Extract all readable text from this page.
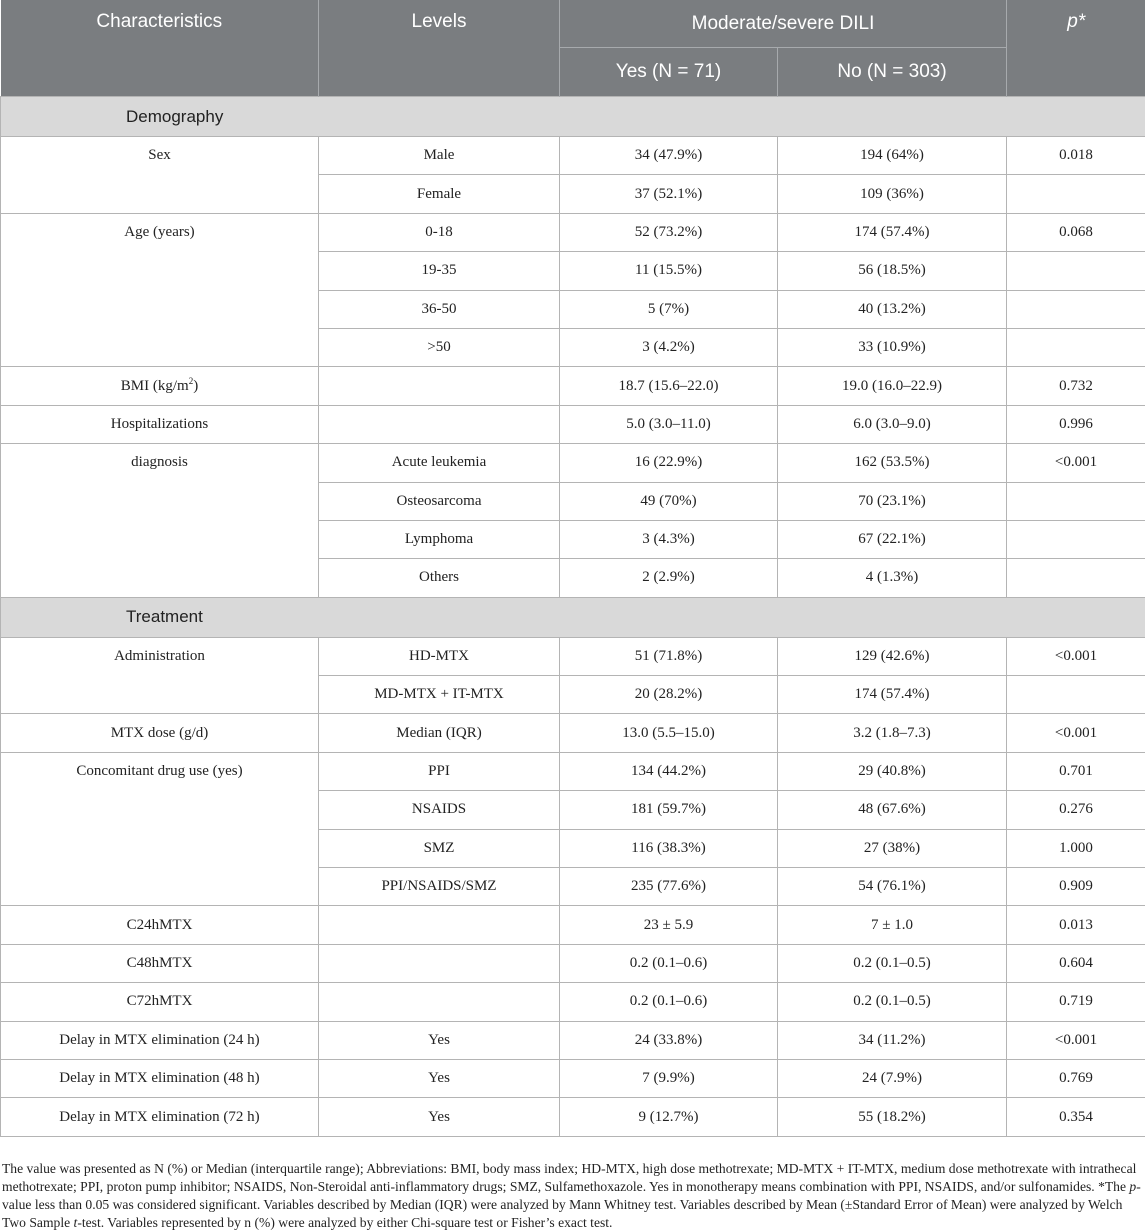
Characteristics	Levels	Moderate/severe DILI		p*
		Yes (N = 71)	No (N = 303)	
Demography				
Sex	Male	34 (47.9%)	194 (64%)	0.018
	Female	37 (52.1%)	109 (36%)	
Age (years)	0-18	52 (73.2%)	174 (57.4%)	0.068
	19-35	11 (15.5%)	56 (18.5%)	
	36-50	5 (7%)	40 (13.2%)	
	>50	3 (4.2%)	33 (10.9%)	
BMI $(kg/m^2)$		18.7 (15.6–22.0)	19.0 (16.0–22.9)	0.732
Hospitalizations		5.0 (3.0–11.0)	6.0 (3.0–9.0)	0.996
diagnosis	Acute leukemia	16 (22.9%)	162 (53.5%)	<0.001
	Osteosarcoma	49 (70%)	70 (23.1%)	
	Lymphoma	3 (4.3%)	67 (22.1%)	
	Others	2 (2.9%)	4 (1.3%)	
Treatment				
Administration	HD-MTX	51 (71.8%)	129 (42.6%)	<0.001
	MD-MTX + IT-MTX	20 (28.2%)	174 (57.4%)	
MTX dose (g/d)	Median (IQR)	13.0 (5.5–15.0)	3.2 (1.8–7.3)	<0.001
Concomitant drug use (yes)	PPI	134 (44.2%)	29 (40.8%)	0.701
	NSAIDS	181 (59.7%)	48 (67.6%)	0.276
	SMZ	116 (38.3%)	27 (38%)	1.000
	PPI/NSAIDS/SMZ	235 (77.6%)	54 (76.1%)	0.909
C24hMTX		23 ± 5.9	7 ± 1.0	0.013
C48hMTX		0.2 (0.1–0.6)	0.2 (0.1–0.5)	0.604
C72hMTX		0.2 (0.1–0.6)	0.2 (0.1–0.5)	0.719
Delay in MTX elimination (24 h)	Yes	24 (33.8%)	34 (11.2%)	<0.001
Delay in MTX elimination (48 h)	Yes	7 (9.9%)	24 (7.9%)	0.769
Delay in MTX elimination (72 h)	Yes	9 (12.7%)	55 (18.2%)	0.354

The value was presented as N (%) or Median (interquartile range); Abbreviations: BMI, body mass index; HD-MTX, high dose methotrexate; MD-MTX + IT-MTX, medium dose methotrexate with intrathecal methotrexate; PPI, proton pump inhibitor; NSAIDS, Non-Steroidal anti-inflammatory drugs; SMZ, Sulfamethoxazole. Yes in monotherapy means combination with PPI, NSAIDS, and/or sulfonamides. *The p-value less than 0.05 was considered significant. Variables described by Median (IQR) were analyzed by Mann Whitney test. Variables described by Mean (±Standard Error of Mean) were analyzed by Welch Two Sample t-test. Variables represented by n (%) were analyzed by either Chi-square test or Fisher’s exact test.
